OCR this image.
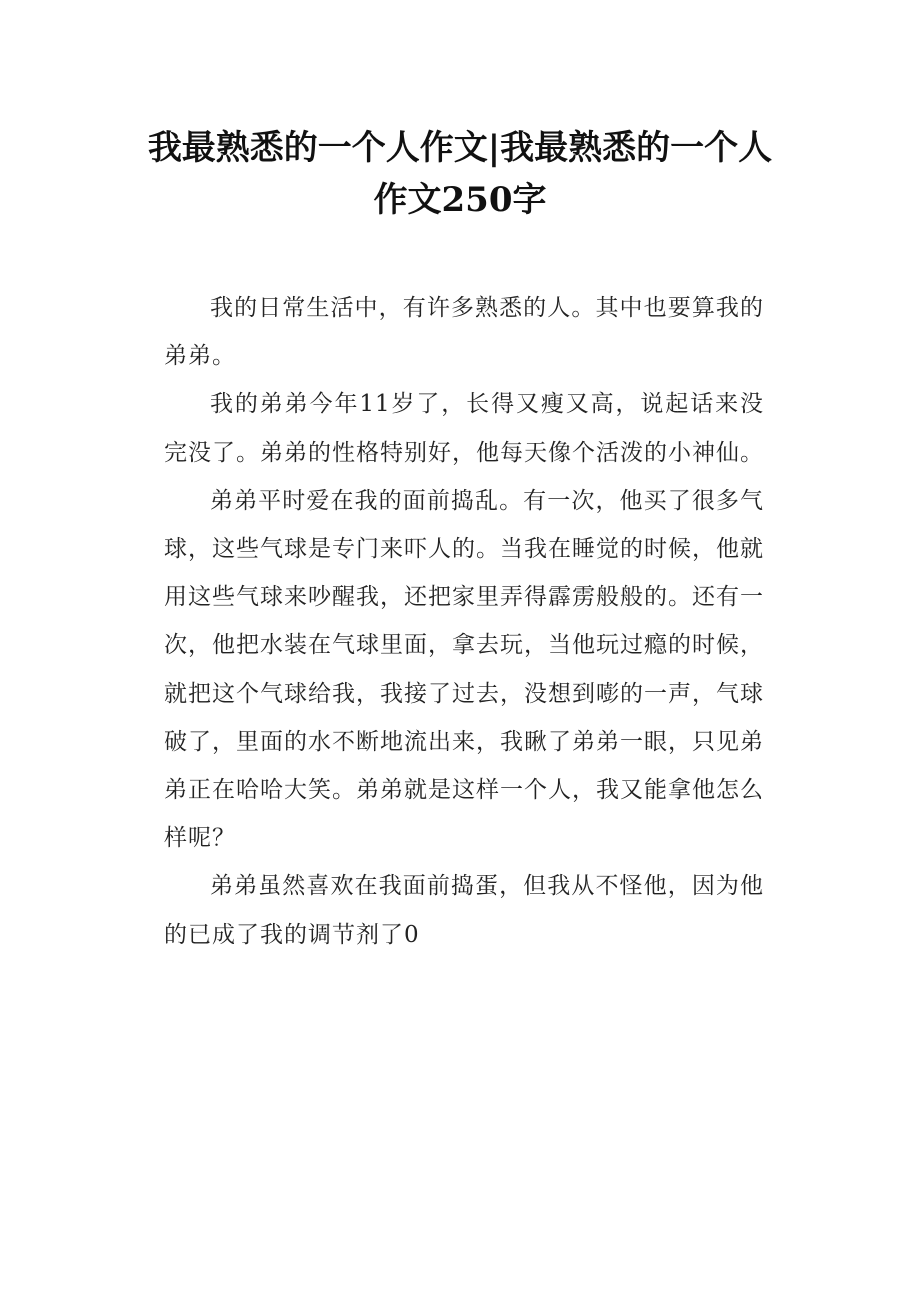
我最熟悉的一个人作文|我最熟悉的一个人作文250字

我的日常生活中，有许多熟悉的人。其中也要算我的弟弟。

我的弟弟今年11岁了，长得又瘦又高，说起话来没完没了。弟弟的性格特别好，他每天像个活泼的小神仙。

弟弟平时爱在我的面前捣乱。有一次，他买了很多气球，这些气球是专门来吓人的。当我在睡觉的时候，他就用这些气球来吵醒我，还把家里弄得霹雳般般的。还有一次，他把水装在气球里面，拿去玩，当他玩过瘾的时候，就把这个气球给我，我接了过去，没想到嘭的一声，气球破了，里面的水不断地流出来，我瞅了弟弟一眼，只见弟弟正在哈哈大笑。弟弟就是这样一个人，我又能拿他怎么样呢？

弟弟虽然喜欢在我面前捣蛋，但我从不怪他，因为他的已成了我的调节剂了0
